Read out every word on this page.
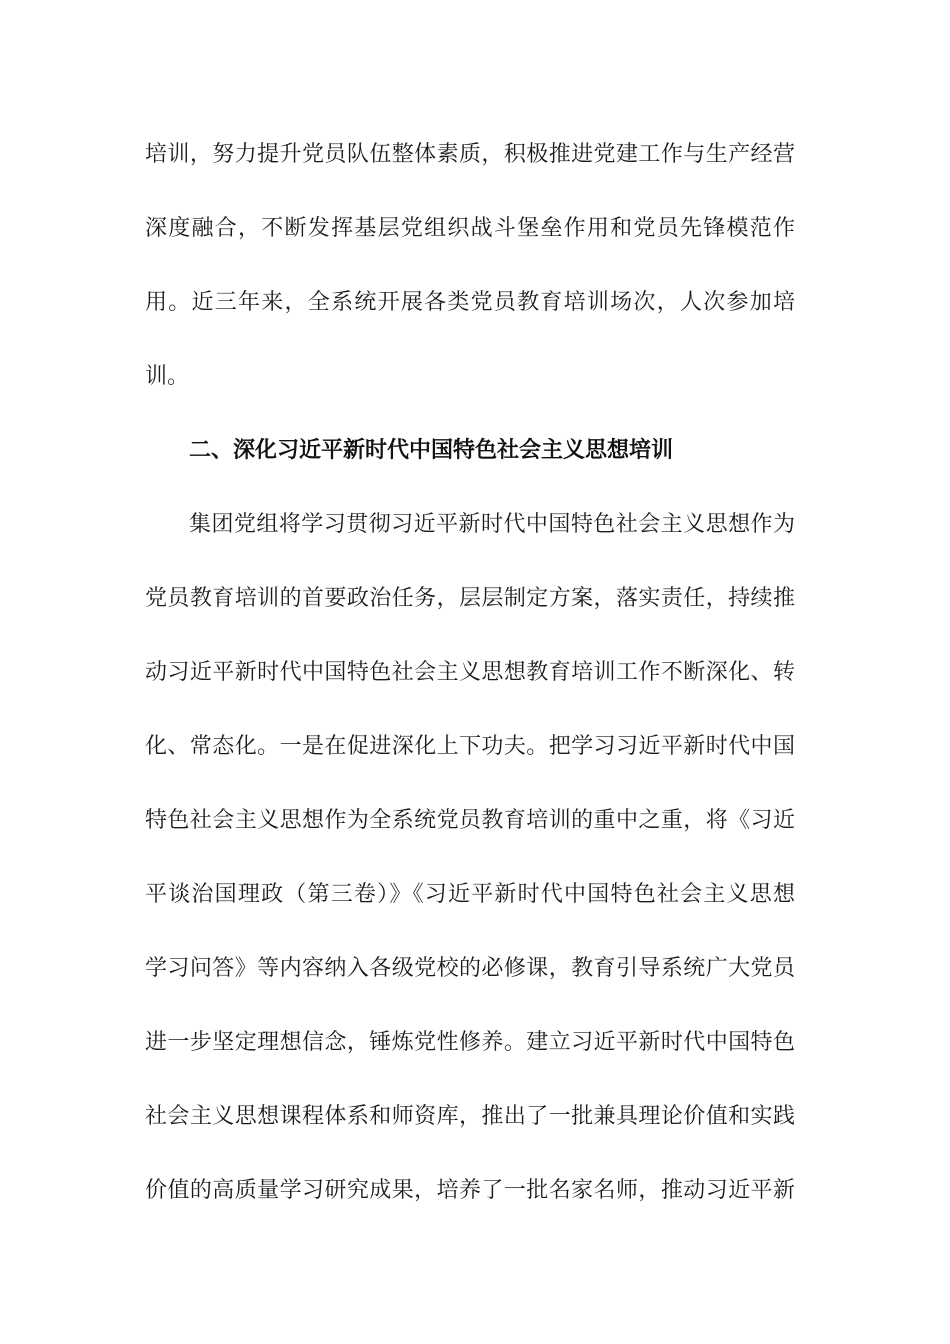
培训，努力提升党员队伍整体素质，积极推进党建工作与生产经营
深度融合，不断发挥基层党组织战斗堡垒作用和党员先锋模范作
用。近三年来，全系统开展各类党员教育培训场次，人次参加培
训。
二、深化习近平新时代中国特色社会主义思想培训
集团党组将学习贯彻习近平新时代中国特色社会主义思想作为
党员教育培训的首要政治任务，层层制定方案，落实责任，持续推
动习近平新时代中国特色社会主义思想教育培训工作不断深化、转
化、常态化。一是在促进深化上下功夫。把学习习近平新时代中国
特色社会主义思想作为全系统党员教育培训的重中之重，将《习近
平谈治国理政（第三卷）》《习近平新时代中国特色社会主义思想
学习问答》等内容纳入各级党校的必修课，教育引导系统广大党员
进一步坚定理想信念，锤炼党性修养。建立习近平新时代中国特色
社会主义思想课程体系和师资库，推出了一批兼具理论价值和实践
价值的高质量学习研究成果，培养了一批名家名师，推动习近平新
